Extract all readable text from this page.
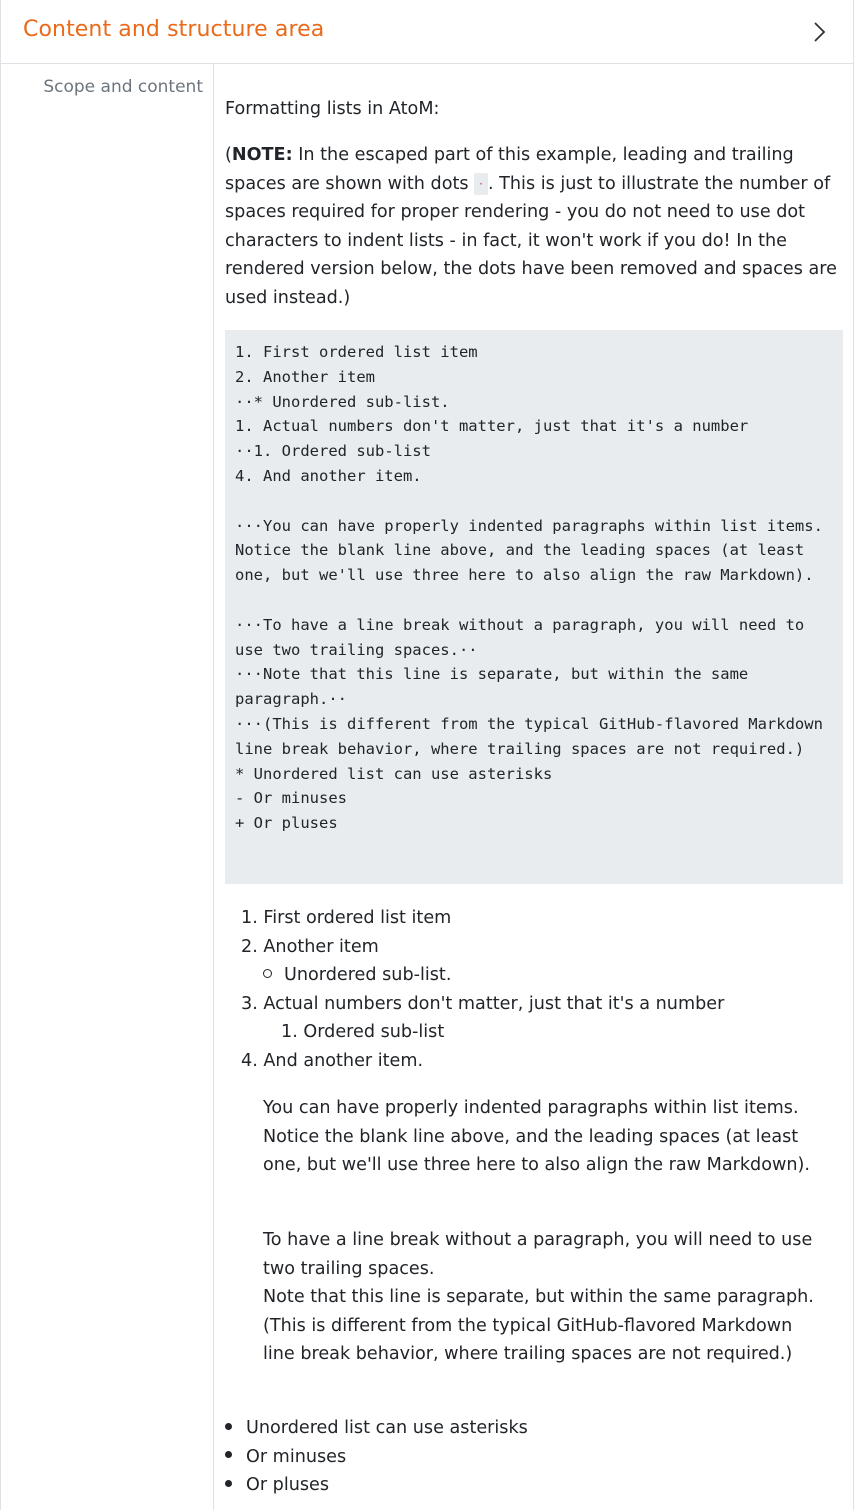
Content and structure area
Scope and content

Formatting lists in AtoM:

(NOTE: In the escaped part of this example, leading and trailing spaces are shown with dots · . This is just to illustrate the number of spaces required for proper rendering - you do not need to use dot characters to indent lists - in fact, it won't work if you do! In the rendered version below, the dots have been removed and spaces are used instead.)

1. First ordered list item
2. Another item
··* Unordered sub-list.
1. Actual numbers don't matter, just that it's a number
··1. Ordered sub-list
4. And another item.

···You can have properly indented paragraphs within list items. Notice the blank line above, and the leading spaces (at least one, but we'll use three here to also align the raw Markdown).

···To have a line break without a paragraph, you will need to use two trailing spaces.··
···Note that this line is separate, but within the same paragraph.··
···(This is different from the typical GitHub-flavored Markdown line break behavior, where trailing spaces are not required.)
* Unordered list can use asterisks
- Or minuses
+ Or pluses
1. First ordered list item
2. Another item
Unordered sub-list.
3. Actual numbers don't matter, just that it's a number
1. Ordered sub-list
4. And another item.

You can have properly indented paragraphs within list items. Notice the blank line above, and the leading spaces (at least one, but we'll use three here to also align the raw Markdown).

To have a line break without a paragraph, you will need to use two trailing spaces.
Note that this line is separate, but within the same paragraph.
(This is different from the typical GitHub-flavored Markdown line break behavior, where trailing spaces are not required.)
Unordered list can use asterisks
Or minuses
Or pluses
